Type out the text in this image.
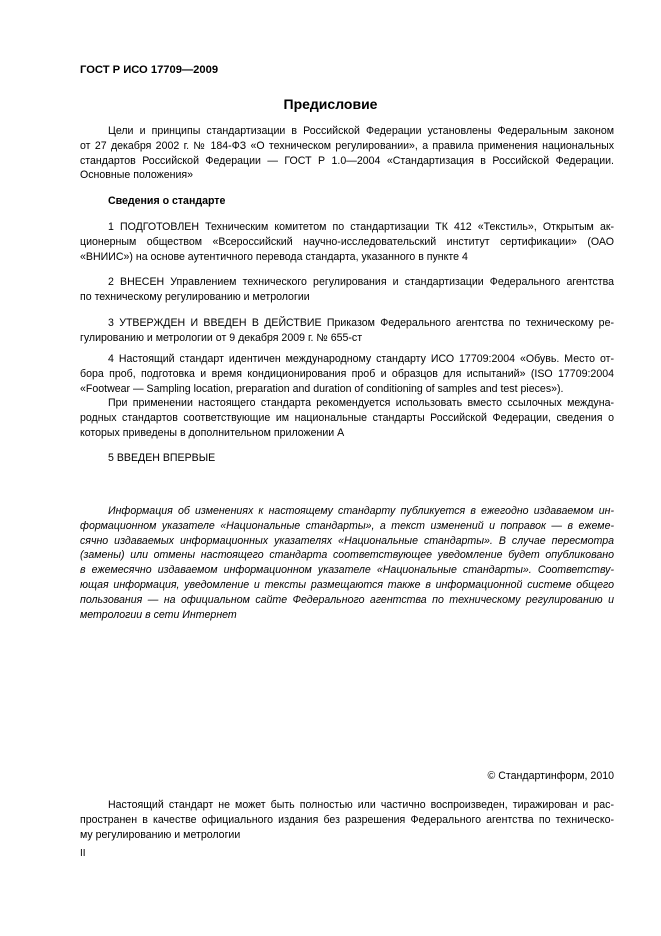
ГОСТ Р ИСО 17709—2009
Предисловие
Цели и принципы стандартизации в Российской Федерации установлены Федеральным законом
от 27 декабря 2002 г. № 184-ФЗ «О техническом регулировании», а правила применения национальных
стандартов Российской Федерации — ГОСТ Р 1.0—2004 «Стандартизация в Российской Федерации.
Основные положения»
Сведения о стандарте
1 ПОДГОТОВЛЕН Техническим комитетом по стандартизации ТК 412 «Текстиль», Открытым ак-
ционерным обществом «Всероссийский научно-исследовательский институт сертификации» (ОАО
«ВНИИС») на основе аутентичного перевода стандарта, указанного в пункте 4
2 ВНЕСЕН Управлением технического регулирования и стандартизации Федерального агентства
по техническому регулированию и метрологии
3 УТВЕРЖДЕН И ВВЕДЕН В ДЕЙСТВИЕ Приказом Федерального агентства по техническому ре-
гулированию и метрологии от 9 декабря 2009 г. № 655-ст
4 Настоящий стандарт идентичен международному стандарту ИСО 17709:2004 «Обувь. Место от-
бора проб, подготовка и время кондиционирования проб и образцов для испытаний» (ISO 17709:2004
«Footwear — Sampling location, preparation and duration of conditioning of samples and test pieces»).
При применении настоящего стандарта рекомендуется использовать вместо ссылочных междуна-
родных стандартов соответствующие им национальные стандарты Российской Федерации, сведения о
которых приведены в дополнительном приложении А
5 ВВЕДЕН ВПЕРВЫЕ
Информация об изменениях к настоящему стандарту публикуется в ежегодно издаваемом ин-
формационном указателе «Национальные стандарты», а текст изменений и поправок — в ежеме-
сячно издаваемых информационных указателях «Национальные стандарты». В случае пересмотра
(замены) или отмены настоящего стандарта соответствующее уведомление будет опубликовано
в ежемесячно издаваемом информационном указателе «Национальные стандарты». Соответству-
ющая информация, уведомление и тексты размещаются также в информационной системе общего
пользования — на официальном сайте Федерального агентства по техническому регулированию и
метрологии в сети Интернет
© Стандартинформ, 2010
Настоящий стандарт не может быть полностью или частично воспроизведен, тиражирован и рас-
пространен в качестве официального издания без разрешения Федерального агентства по техническо-
му регулированию и метрологии
II
